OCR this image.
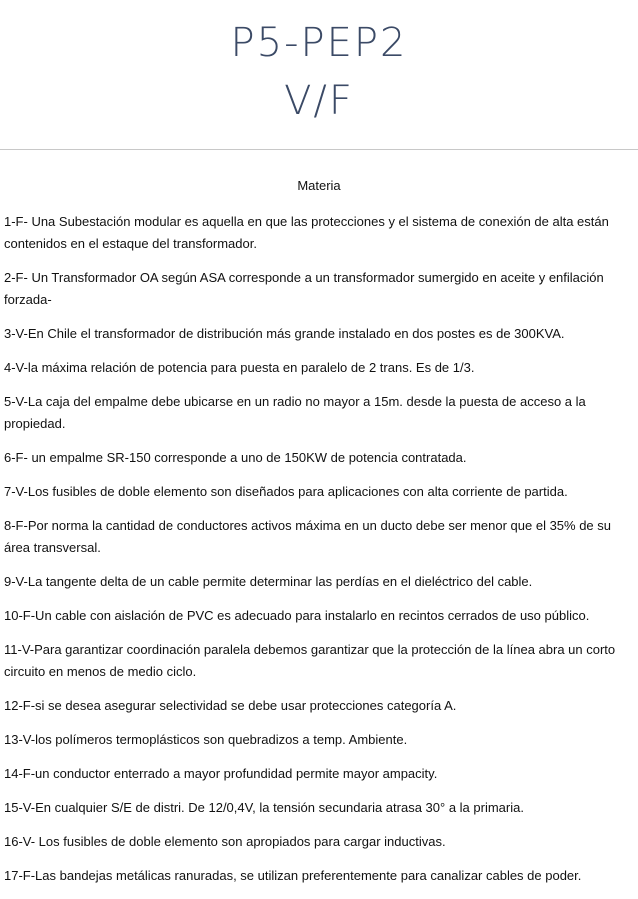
P5-PEP2
V/F
Materia
1-F- Una Subestación modular es aquella en que las protecciones y el sistema de conexión de alta están contenidos en el estaque del transformador.
2-F- Un Transformador OA según ASA corresponde a un transformador sumergido en aceite y enfilación forzada-
3-V-En Chile el transformador de distribución más grande instalado en dos postes es de 300KVA.
4-V-la máxima relación de potencia para puesta en paralelo de 2 trans. Es de 1/3.
5-V-La caja del empalme debe ubicarse en un radio no mayor a 15m. desde la puesta de acceso a la propiedad.
6-F- un empalme SR-150 corresponde a uno de 150KW de potencia contratada.
7-V-Los fusibles de doble elemento son diseñados para aplicaciones con alta corriente de partida.
8-F-Por norma la cantidad de conductores activos máxima en un ducto debe ser menor que el 35% de su área transversal.
9-V-La tangente delta de un cable permite determinar las perdías en el dieléctrico del cable.
10-F-Un cable con aislación de PVC es adecuado para instalarlo en recintos cerrados de uso público.
11-V-Para garantizar coordinación paralela debemos garantizar que la protección de la línea abra un corto circuito en menos de medio ciclo.
12-F-si se desea asegurar selectividad se debe usar protecciones categoría A.
13-V-los polímeros termoplásticos son quebradizos a temp. Ambiente.
14-F-un conductor enterrado a mayor profundidad permite mayor ampacity.
15-V-En cualquier S/E de distri. De 12/0,4V, la tensión secundaria atrasa 30° a la primaria.
16-V- Los fusibles de doble elemento son apropiados para cargar inductivas.
17-F-Las bandejas metálicas ranuradas, se utilizan preferentemente para canalizar cables de poder.
